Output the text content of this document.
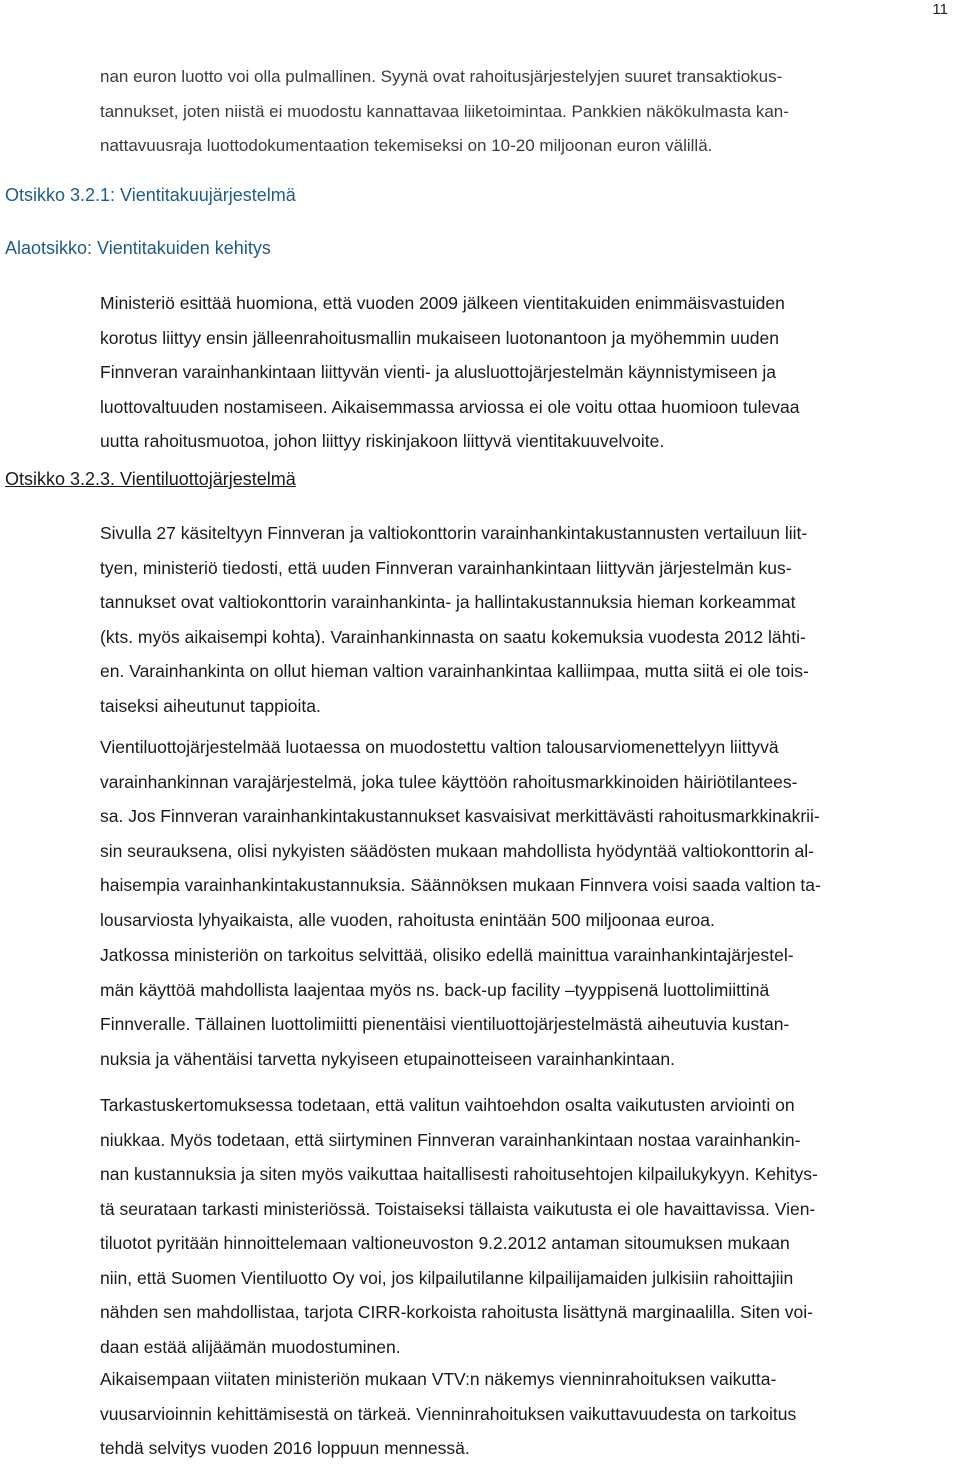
11

nan euron luotto voi olla pulmallinen. Syynä ovat rahoitusjärjestelyjen suuret transaktiokus-
tannukset, joten niistä ei muodostu kannattavaa liiketoimintaa. Pankkien näkökulmasta kan-
nattavuusraja luottodokumentaation tekemiseksi on 10-20 miljoonan euron välillä.

Otsikko 3.2.1: Vientitakuujärjestelmä
Alaotsikko: Vientitakuiden kehitys

Ministeriö esittää huomiona, että vuoden 2009 jälkeen vientitakuiden enimmäisvastuiden
korotus liittyy ensin jälleenrahoitusmallin mukaiseen luotonantoon ja myöhemmin uuden
Finnveran varainhankintaan liittyvän vienti- ja alusluottojärjestelmän käynnistymiseen ja
luottovaltuuden nostamiseen. Aikaisemmassa arviossa ei ole voitu ottaa huomioon tulevaa
uutta rahoitusmuotoa, johon liittyy riskinjakoon liittyvä vientitakuuvelvoite.

Otsikko 3.2.3. Vientiluottojärjestelmä

Sivulla 27 käsiteltyyn Finnveran ja valtiokonttorin varainhankintakustannusten vertailuun liit-
tyen, ministeriö tiedosti, että uuden Finnveran varainhankintaan liittyvän järjestelmän kus-
tannukset ovat valtiokonttorin varainhankinta- ja hallintakustannuksia hieman korkeammat
(kts. myös aikaisempi kohta). Varainhankinnasta on saatu kokemuksia vuodesta 2012 lähti-
en. Varainhankinta on ollut hieman valtion varainhankintaa kalliimpaa, mutta siitä ei ole tois-
taiseksi aiheutunut tappioita.

Vientiluottojärjestelmää luotaessa on muodostettu valtion talousarviomenettelyyn liittyvä
varainhankinnan varajärjestelmä, joka tulee käyttöön rahoitusmarkkinoiden häiriötilantees-
sa. Jos Finnveran varainhankintakustannukset kasvaisivat merkittävästi rahoitusmarkkinakrii-
sin seurauksena, olisi nykyisten säädösten mukaan mahdollista hyödyntää valtiokonttorin al-
haisempia varainhankintakustannuksia. Säännöksen mukaan Finnvera voisi saada valtion ta-
lousarviosta lyhyaikaista, alle vuoden, rahoitusta enintään 500 miljoonaa euroa.

Jatkossa ministeriön on tarkoitus selvittää, olisiko edellä mainittua varainhankintajärjestel-
män käyttöä mahdollista laajentaa myös ns. back-up facility –tyyppisenä luottolimiittinä
Finnveralle. Tällainen luottolimiitti pienentäisi vientiluottojärjestelmästä aiheutuvia kustan-
nuksia ja vähentäisi tarvetta nykyiseen etupainotteiseen varainhankintaan.

Tarkastuskertomuksessa todetaan, että valitun vaihtoehdon osalta vaikutusten arviointi on
niukkaa. Myös todetaan, että siirtyminen Finnveran varainhankintaan nostaa varainhankin-
nan kustannuksia ja siten myös vaikuttaa haitallisesti rahoitusehtojen kilpailukykyyn. Kehitys-
tä seurataan tarkasti ministeriössä. Toistaiseksi tällaista vaikutusta ei ole havaittavissa. Vien-
tiluotot pyritään hinnoittelemaan valtioneuvoston 9.2.2012 antaman sitoumuksen mukaan
niin, että Suomen Vientiluotto Oy voi, jos kilpailutilanne kilpailijamaiden julkisiin rahoittajiin
nähden sen mahdollistaa, tarjota CIRR-korkoista rahoitusta lisättynä marginaalilla. Siten voi-
daan estää alijäämän muodostuminen.

Aikaisempaan viitaten ministeriön mukaan VTV:n näkemys vienninrahoituksen vaikutta-
vuusarvioinnin kehittämisestä on tärkeä. Vienninrahoituksen vaikuttavuudesta on tarkoitus
tehdä selvitys vuoden 2016 loppuun mennessä.
